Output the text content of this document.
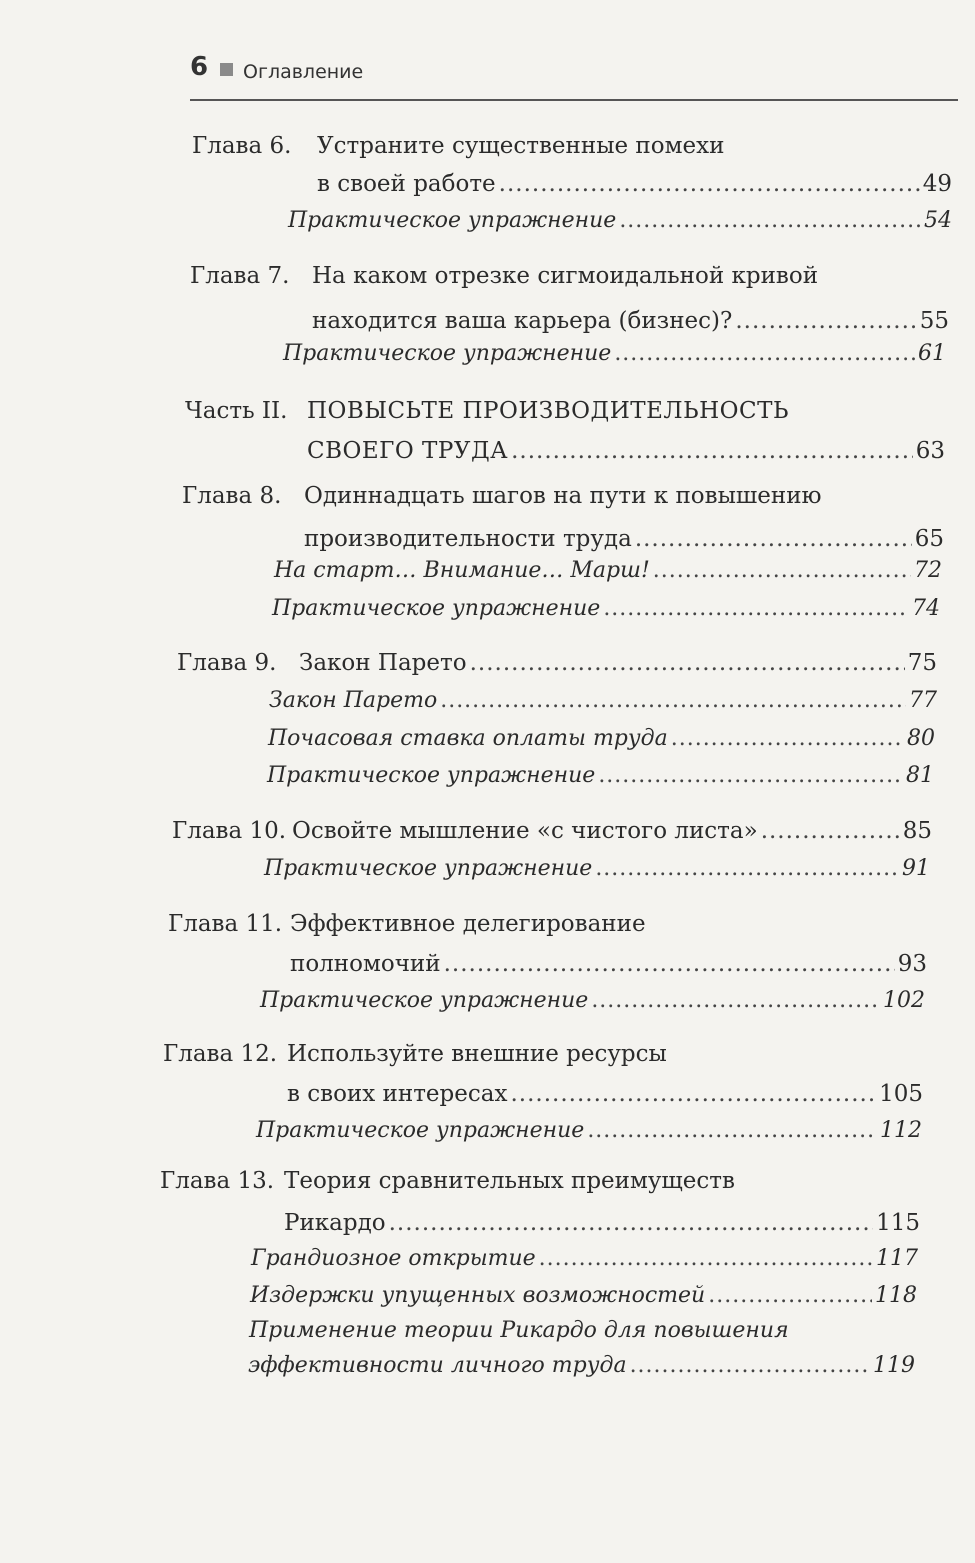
6 Оглавление
Глава 6.	Устраните существенные помехи
в своей работе .....	49
Практическое упражнение .....	54
Глава 7. На каком отрезке сигмоидальной кривой
находится ваша карьера (бизнес)? .....	55
Практическое упражнение .....	61
Часть II. ПОВЫСЬТЕ ПРОИЗВОДИТЕЛЬНОСТЬ
СВОЕГО ТРУДА .....	63
Глава 8. Одиннадцать шагов на пути к повышению
производительности труда .....	65
На старт… Внимание… Марш! .....	72
Практическое упражнение .....	74
Глава 9. Закон Парето .....	75
Закон Парето .....	77
Почасовая ставка оплаты труда .....	80
Практическое упражнение .....	81
Глава 10. Освойте мышление «с чистого листа» .....	85
Практическое упражнение .....	91
Глава 11. Эффективное делегирование
полномочий .....	93
Практическое упражнение .....	102
Глава 12. Используйте внешние ресурсы
в своих интересах .....	105
Практическое упражнение .....	112
Глава 13. Теория сравнительных преимуществ
Рикардо .....	115
Грандиозное открытие .....	117
Издержки упущенных возможностей .....	118
Применение теории Рикардо для повышения
эффективности личного труда .....	119
